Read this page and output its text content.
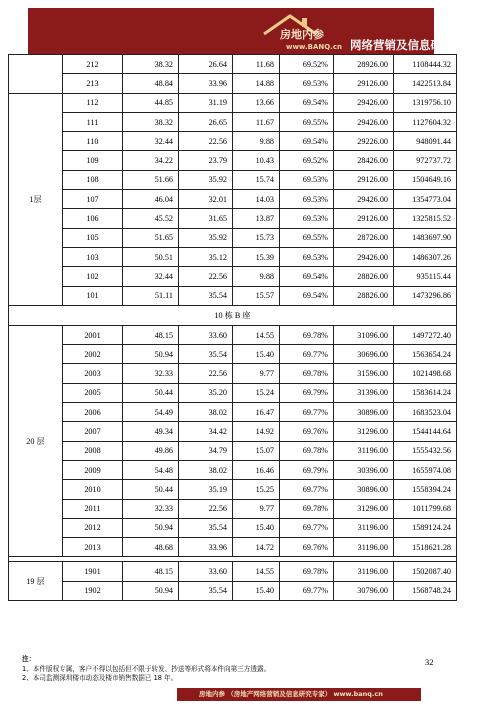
房地内参
www.BANQ.cn 网络营销及信息研究专家
	212	38.32	26.64	11.68	69.52%	28926.00	1108444.32
	213	48.84	33.96	14.88	69.53%	29126.00	1422513.84
1层	112	44.85	31.19	13.66	69.54%	29426.00	1319756.10
	111	38.32	26.65	11.67	69.55%	29426.00	1127604.32
	110	32.44	22.56	9.88	69.54%	29226.00	948091.44
	109	34.22	23.79	10.43	69.52%	28426.00	972737.72
	108	51.66	35.92	15.74	69.53%	29126.00	1504649.16
	107	46.04	32.01	14.03	69.53%	29426.00	1354773.04
	106	45.52	31.65	13.87	69.53%	29126.00	1325815.52
	105	51.65	35.92	15.73	69.55%	28726.00	1483697.90
	103	50.51	35.12	15.39	69.53%	29426.00	1486307.26
	102	32.44	22.56	9.88	69.54%	28826.00	935115.44
	101	51.11	35.54	15.57	69.54%	28826.00	1473296.86
10 栋 B 座							
20 层	2001	48.15	33.60	14.55	69.78%	31096.00	1497272.40
	2002	50.94	35.54	15.40	69.77%	30696.00	1563654.24
	2003	32.33	22.56	9.77	69.78%	31596.00	1021498.68
	2005	50.44	35.20	15.24	69.79%	31396.00	1583614.24
	2006	54.49	38.02	16.47	69.77%	30896.00	1683523.04
	2007	49.34	34.42	14.92	69.76%	31296.00	1544144.64
	2008	49.86	34.79	15.07	69.78%	31196.00	1555432.56
	2009	54.48	38.02	16.46	69.79%	30396.00	1655974.08
	2010	50.44	35.19	15.25	69.77%	30896.00	1558394.24
	2011	32.33	22.56	9.77	69.78%	31296.00	1011799.68
	2012	50.94	35.54	15.40	69.77%	31196.00	1589124.24
	2013	48.68	33.96	14.72	69.76%	31196.00	1518621.28

19 层	1901	48.15	33.60	14.55	69.78%	31196.00	1502087.40
	1902	50.94	35.54	15.40	69.77%	30796.00	1568748.24
注：
1、本件版权专属，客户不得以包括但不限于转发、抄送等形式将本件向第三方透露。
2、本司监测深圳楼市动态及楼市销售数据已 18 年。
32
房地内参 （房地产网络营销及信息研究专家） www.banq.cn
